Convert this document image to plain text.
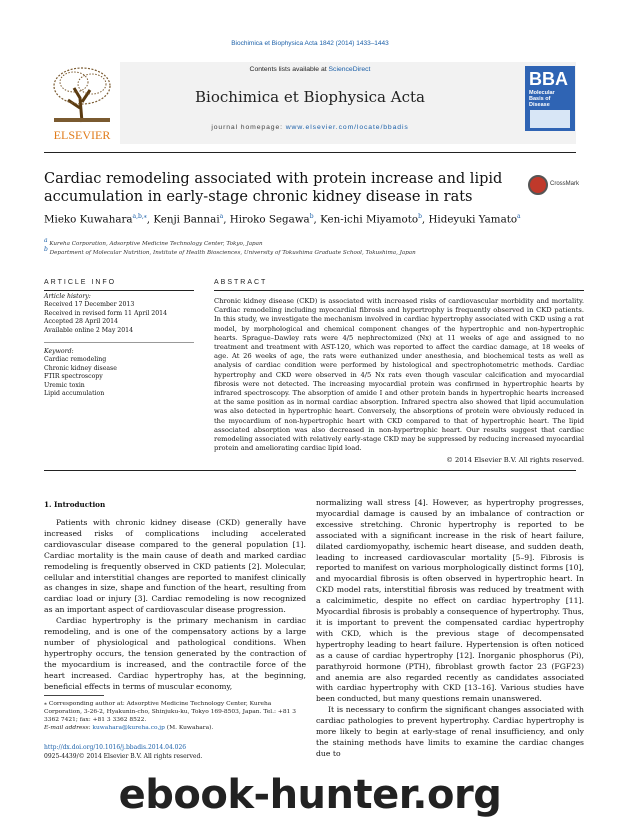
Biochimica et Biophysica Acta 1842 (2014) 1433–1443
ELSEVIER
Contents lists available at ScienceDirect
Biochimica et Biophysica Acta
journal homepage: www.elsevier.com/locate/bbadis
BBA
Molecular
Basis of
Disease
Cardiac remodeling associated with protein increase and lipid accumulation in early-stage chronic kidney disease in rats
CrossMark
Mieko Kuwahara$^{a,b,⁎}$, Kenji Bannai$^a$, Hiroko Segawa$^b$, Ken-ichi Miyamoto$^b$, Hideyuki Yamato$^a$
$^a$ Kureha Corporation, Adsorptive Medicine Technology Center, Tokyo, Japan
$^b$ Department of Molecular Nutrition, Institute of Health Biosciences, University of Tokushima Graduate School, Tokushima, Japan
ARTICLE INFO	ABSTRACT
Article history:
Received 17 December 2013
Received in revised form 11 April 2014
Accepted 28 April 2014
Available online 2 May 2014
Keyword:
Cardiac remodeling
Chronic kidney disease
FTIR spectroscopy
Uremic toxin
Lipid accumulation
Chronic kidney disease (CKD) is associated with increased risks of cardiovascular morbidity and mortality. Cardiac remodeling including myocardial fibrosis and hypertrophy is frequently observed in CKD patients. In this study, we investigate the mechanism involved in cardiac hypertrophy associated with CKD using a rat model, by morphological and chemical component changes of the hypertrophic and non-hypertrophic hearts. Sprague–Dawley rats were 4/5 nephrectomized (Nx) at 11 weeks of age and assigned to no treatment and treatment with AST-120, which was reported to affect the cardiac damage, at 18 weeks of age. At 26 weeks of age, the rats were euthanized under anesthesia, and biochemical tests as well as analysis of cardiac condition were performed by histological and spectrophotometric methods. Cardiac hypertrophy and CKD were observed in 4/5 Nx rats even though vascular calcification and myocardial fibrosis were not detected. The increasing myocardial protein was confirmed in hypertrophic hearts by infrared spectroscopy. The absorption of amide I and other protein bands in hypertrophic hearts increased at the same position as in normal cardiac absorption. Infrared spectra also showed that lipid accumulation was also detected in hypertrophic heart. Conversely, the absorptions of protein were obviously reduced in the myocardium of non-hypertrophic heart with CKD compared to that of hypertrophic heart. The lipid associated absorption was also decreased in non-hypertrophic heart. Our results suggest that cardiac remodeling associated with relatively early-stage CKD may be suppressed by reducing increased myocardial protein and ameliorating cardiac lipid load.
© 2014 Elsevier B.V. All rights reserved.
1. Introduction

Patients with chronic kidney disease (CKD) generally have increased risks of complications including accelerated cardiovascular disease compared to the general population [1]. Cardiac mortality is the main cause of death and marked cardiac remodeling is frequently observed in CKD patients [2]. Molecular, cellular and interstitial changes are reported to manifest clinically as changes in size, shape and function of the heart, resulting from cardiac load or injury [3]. Cardiac remodeling is now recognized as an important aspect of cardiovascular disease progression.

Cardiac hypertrophy is the primary mechanism in cardiac remodeling, and is one of the compensatory actions by a large number of physiological and pathological conditions. When hypertrophy occurs, the tension generated by the contraction of the myocardium is increased, and the contractile force of the heart increased. Cardiac hypertrophy has, at the beginning, beneficial effects in terms of muscular economy,

normalizing wall stress [4]. However, as hypertrophy progresses, myocardial damage is caused by an imbalance of contraction or excessive stretching. Chronic hypertrophy is reported to be associated with a significant increase in the risk of heart failure, dilated cardiomyopathy, ischemic heart disease, and sudden death, leading to increased cardiovascular mortality [5–9]. Fibrosis is reported to manifest on various morphologically distinct forms [10], and myocardial fibrosis is often observed in hypertrophic heart. In CKD model rats, interstitial fibrosis was reduced by treatment with a calcimimetic, despite no effect on cardiac hypertrophy [11]. Myocardial fibrosis is probably a consequence of hypertrophy. Thus, it is important to prevent the compensated cardiac hypertrophy with CKD, which is the previous stage of decompensated hypertrophy leading to heart failure. Hypertension is often noticed as a cause of cardiac hypertrophy [12]. Inorganic phosphorus (Pi), parathyroid hormone (PTH), fibroblast growth factor 23 (FGF23) and anemia are also regarded recently as candidates associated with cardiac hypertrophy with CKD [13–16]. Various studies have been conducted, but many questions remain unanswered.

It is necessary to confirm the significant changes associated with cardiac pathologies to prevent hypertrophy. Cardiac hypertrophy is more likely to begin at early-stage of renal insufficiency, and only the staining methods have limits to examine the cardiac changes due to

⁎ Corresponding author at: Adsorptive Medicine Technology Center, Kureha Corporation, 3-26-2, Hyakunin-cho, Shinjuku-ku, Tokyo 169-8503, Japan. Tel.: +81 3 3362 7421; fax: +81 3 3362 8522.
E-mail address: kuwahara@kureha.co.jp (M. Kuwahara).
http://dx.doi.org/10.1016/j.bbadis.2014.04.026
0925-4439/© 2014 Elsevier B.V. All rights reserved.
ebook-hunter.org
